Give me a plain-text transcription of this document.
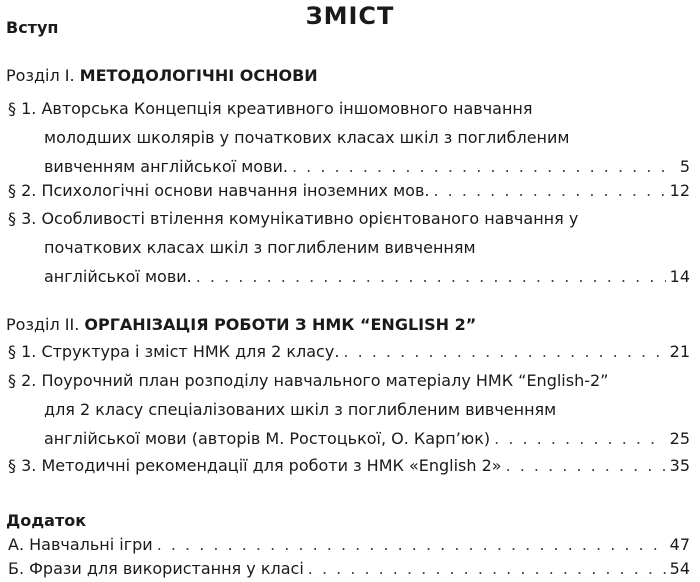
ЗМІСТ
Вступ
Розділ І. МЕТОДОЛОГІЧНІ ОСНОВИ
§ 1. Авторська Концепція креативного іншомовного навчання
молодших школярів у початкових класах шкіл з поглибленим
вивченням англійської мови. . . .	5
§ 2. Психологічні основи навчання іноземних мов. . . .	12
§ 3. Особливості втілення комунікативно орієнтованого навчання у
початкових класах шкіл з поглибленим вивченням
англійської мови. . . .	14
Розділ ІІ. ОРГАНІЗАЦІЯ РОБОТИ З НМК “ENGLISH 2”
§ 1. Структура і зміст НМК для 2 класу. . . .	21
§ 2. Поурочний план розподілу навчального матеріалу НМК “English-2”
для 2 класу спеціалізованих шкіл з поглибленим вивченням
англійської мови (авторів М. Ростоцької, О. Карп’юк) . . .	25
§ 3. Методичні рекомендації для роботи з НМК «English 2» . . .	35
Додаток
А. Навчальні ігри . . .	47
Б. Фрази для використання у класі . . .	54
